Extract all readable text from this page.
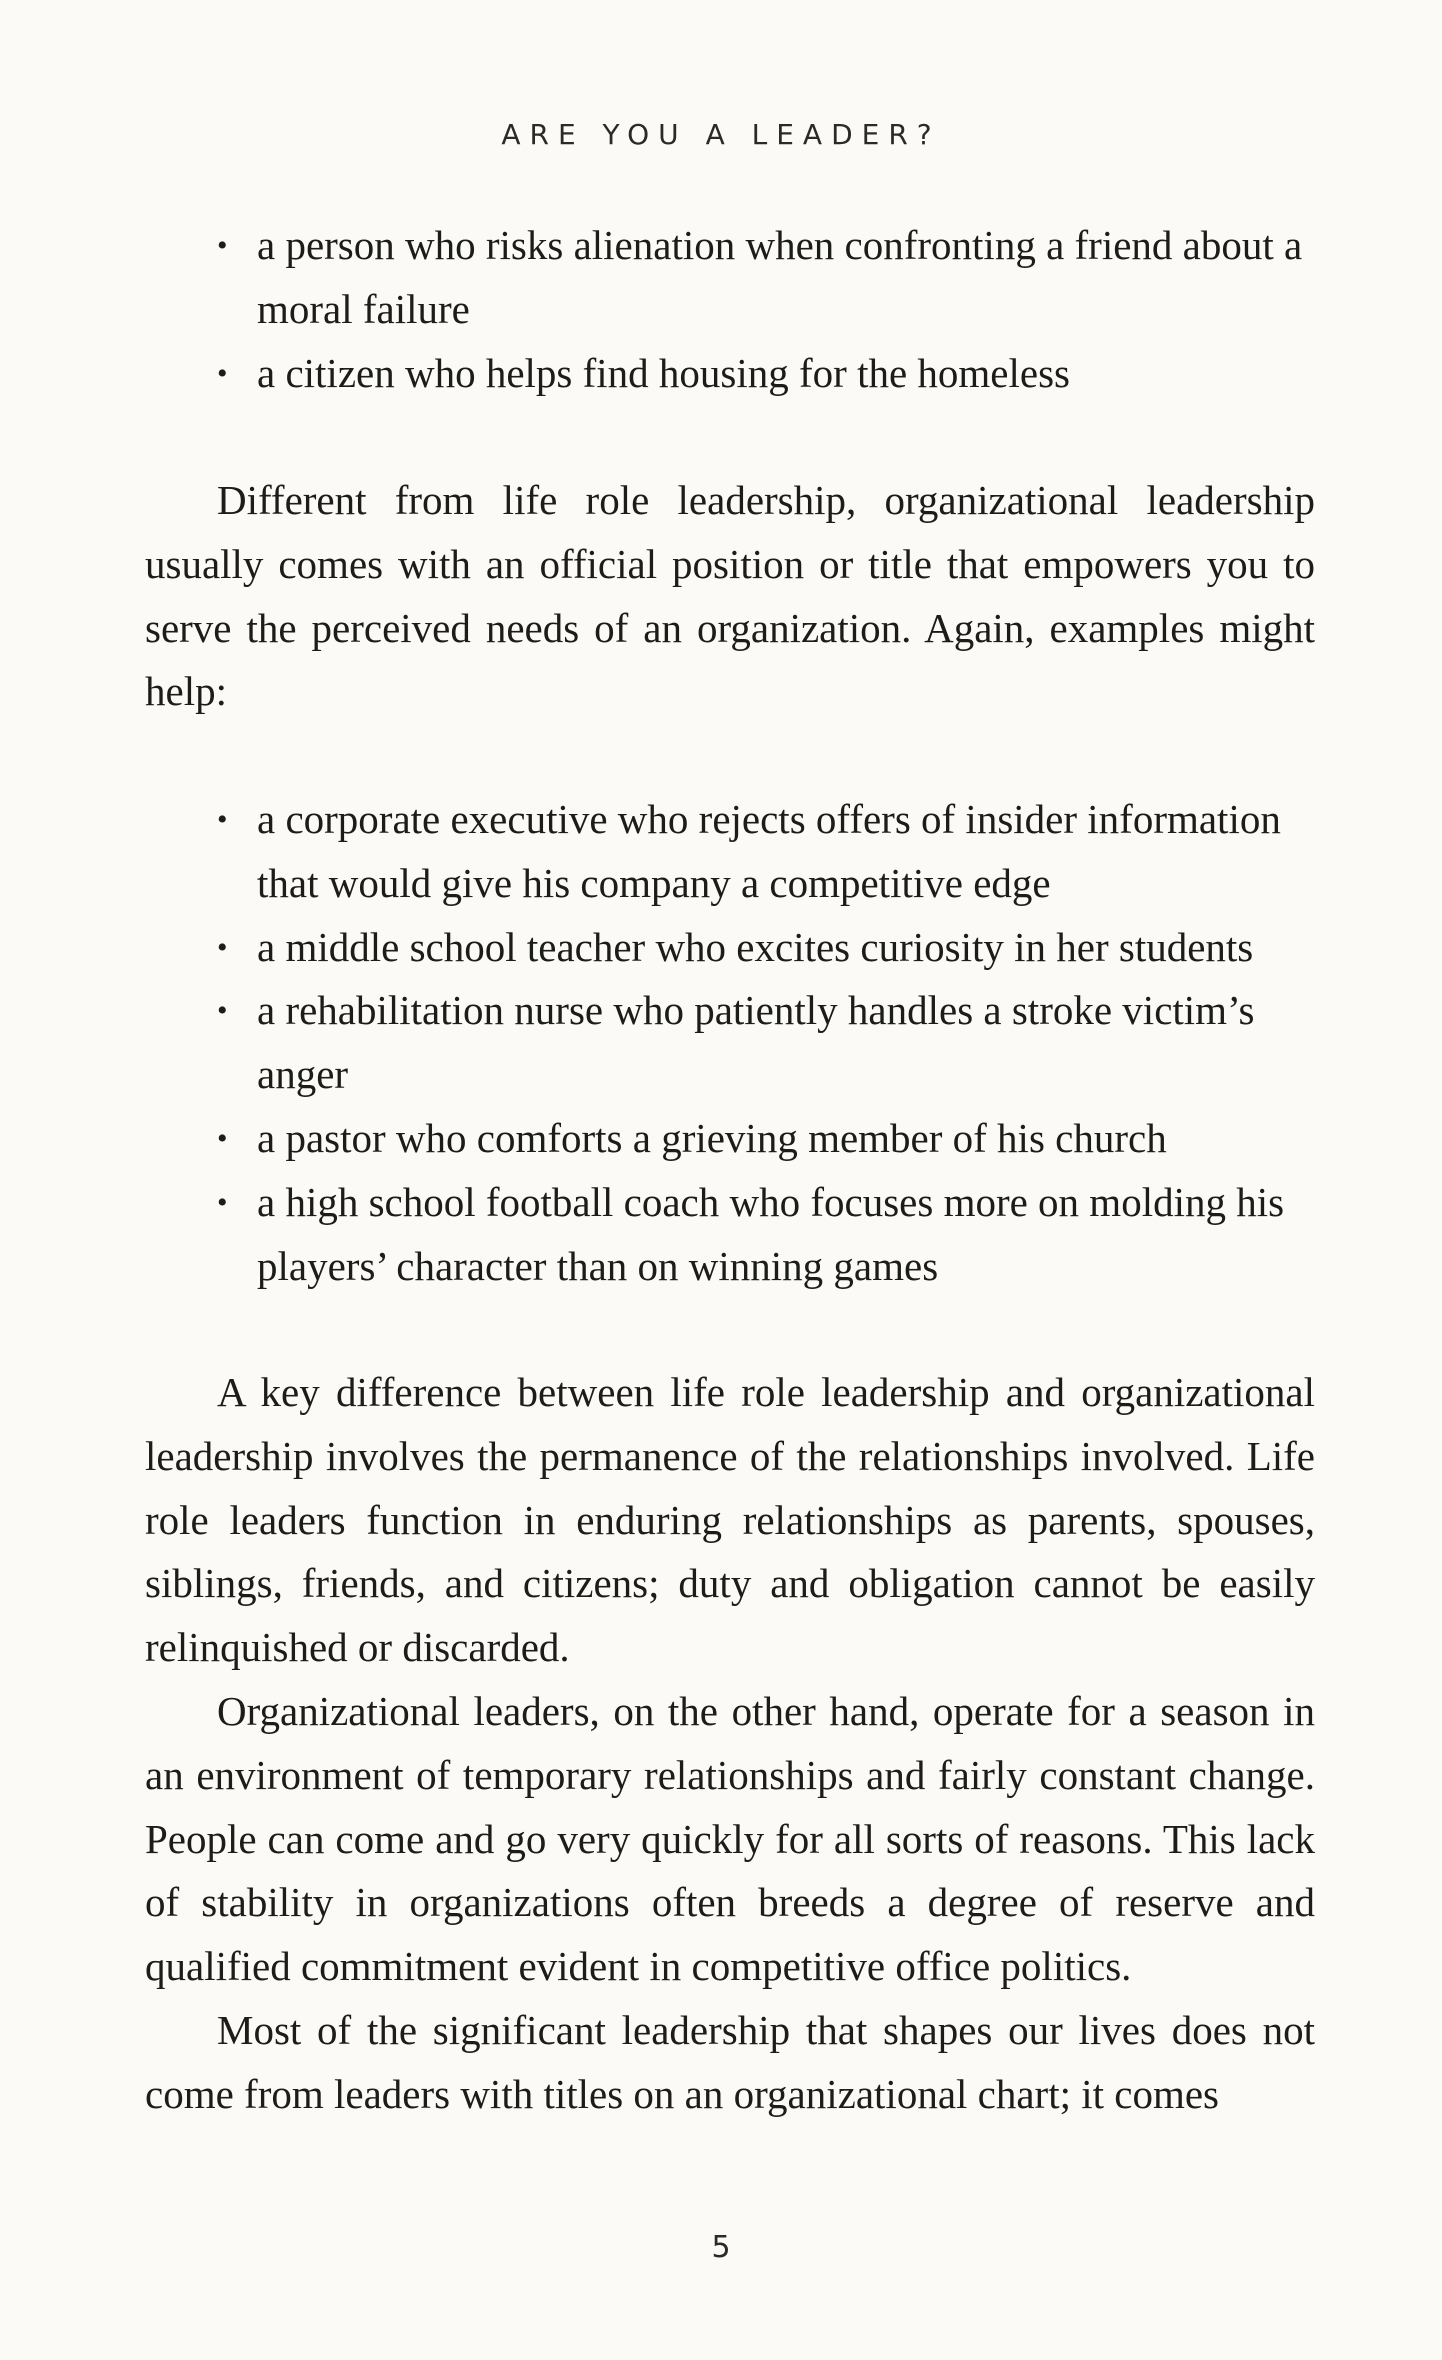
ARE YOU A LEADER?
• a person who risks alienation when confronting a friend about a moral failure
• a citizen who helps find housing for the homeless

Different from life role leadership, organizational leadership usually comes with an official position or title that empowers you to serve the perceived needs of an organization. Again, examples might help:

• a corporate executive who rejects offers of insider information that would give his company a competitive edge
• a middle school teacher who excites curiosity in her students
• a rehabilitation nurse who patiently handles a stroke victim’s anger
• a pastor who comforts a grieving member of his church
• a high school football coach who focuses more on molding his players’ character than on winning games

A key difference between life role leadership and organizational leadership involves the permanence of the relationships involved. Life role leaders function in enduring relationships as parents, spouses, siblings, friends, and citizens; duty and obligation cannot be easily relinquished or discarded.

Organizational leaders, on the other hand, operate for a season in an environment of temporary relationships and fairly constant change. People can come and go very quickly for all sorts of reasons. This lack of stability in organizations often breeds a degree of reserve and qualified commitment evident in competitive office politics.

Most of the significant leadership that shapes our lives does not come from leaders with titles on an organizational chart; it comes

5
